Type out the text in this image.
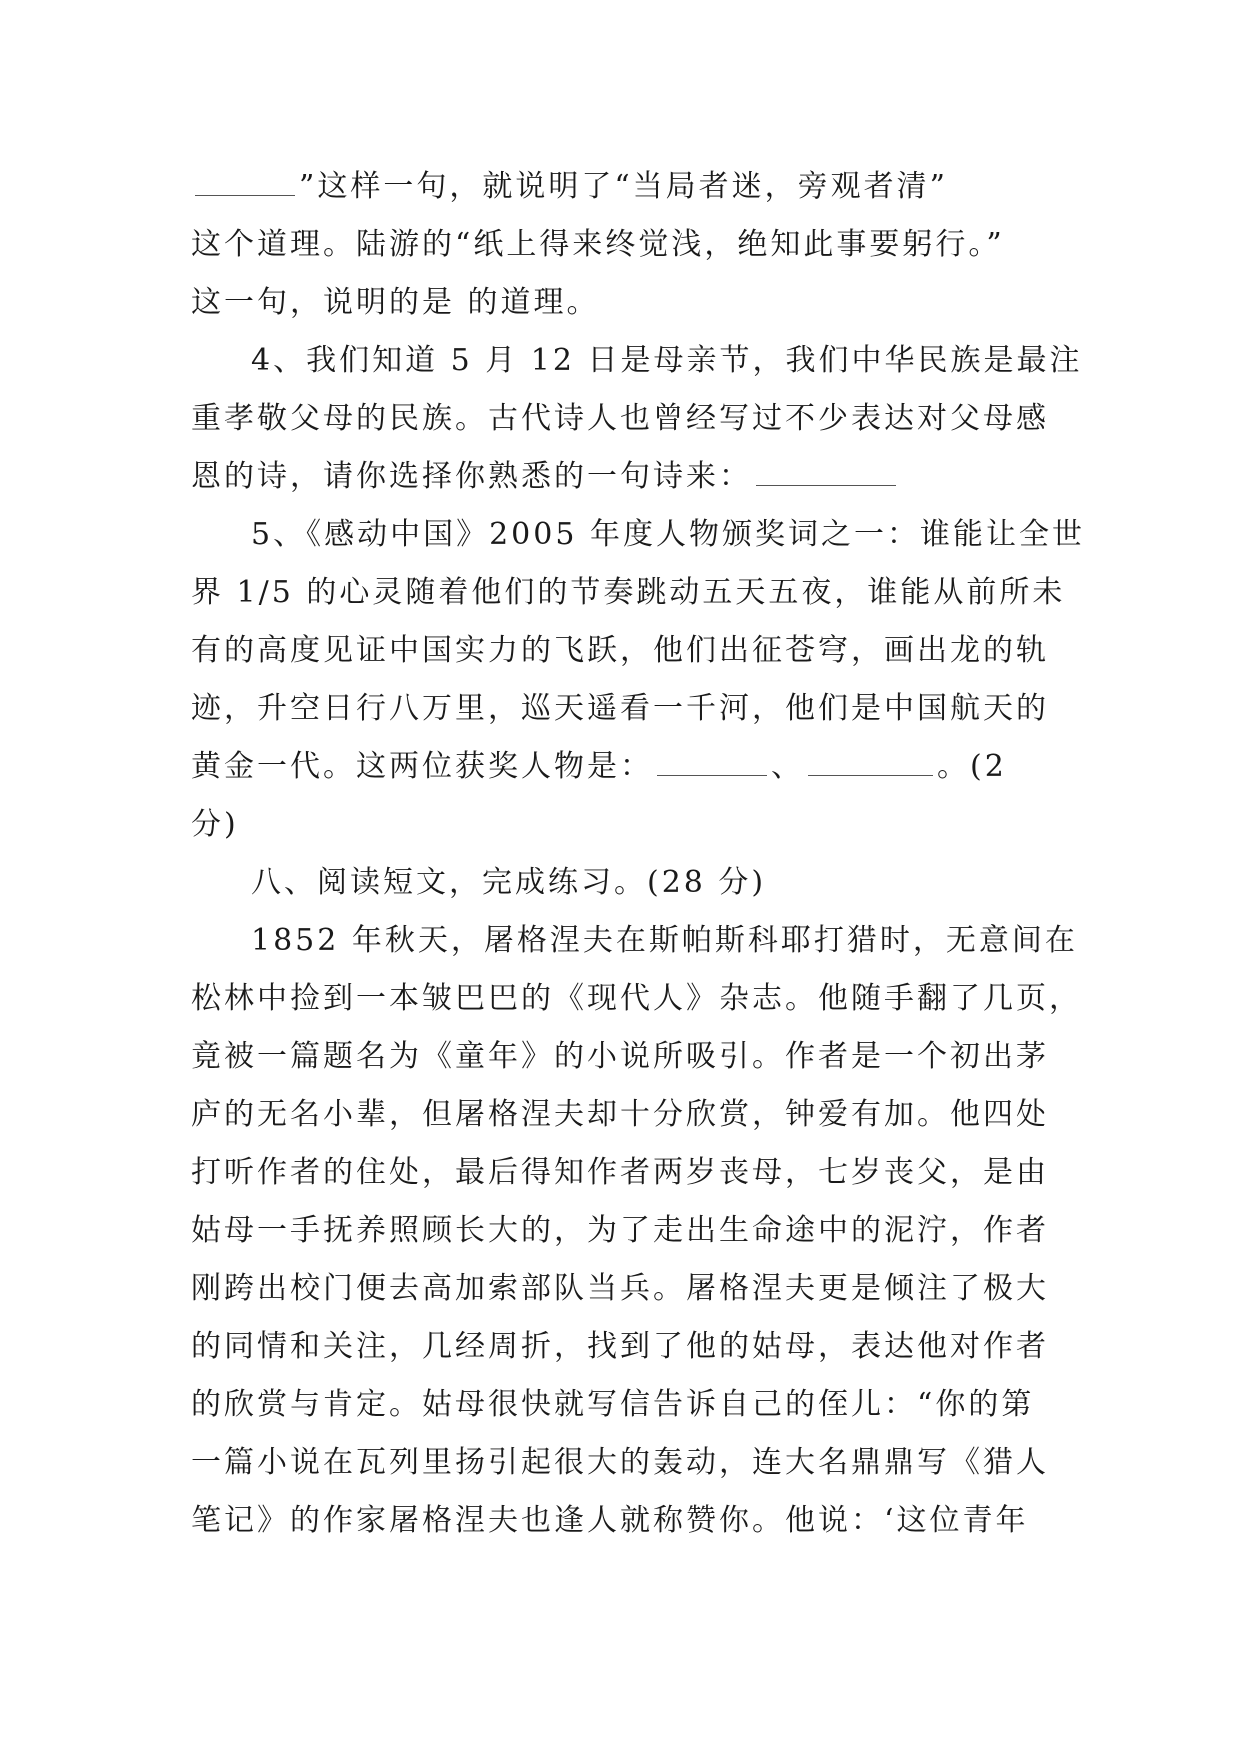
”这样一句，就说明了“当局者迷，旁观者清”
这个道理。陆游的“纸上得来终觉浅，绝知此事要躬行。”
这一句，说明的是 的道理。

4、我们知道 5 月 12 日是母亲节，我们中华民族是最注
重孝敬父母的民族。古代诗人也曾经写过不少表达对父母感
恩的诗，请你选择你熟悉的一句诗来：

5、《感动中国》2005 年度人物颁奖词之一：谁能让全世
界 1/5 的心灵随着他们的节奏跳动五天五夜，谁能从前所未
有的高度见证中国实力的飞跃，他们出征苍穹，画出龙的轨
迹，升空日行八万里，巡天遥看一千河，他们是中国航天的
黄金一代。这两位获奖人物是：	、	。(2
分)

八、阅读短文，完成练习。(28 分)

1852 年秋天，屠格涅夫在斯帕斯科耶打猎时，无意间在
松林中捡到一本皱巴巴的《现代人》杂志。他随手翻了几页，
竟被一篇题名为《童年》的小说所吸引。作者是一个初出茅
庐的无名小辈，但屠格涅夫却十分欣赏，钟爱有加。他四处
打听作者的住处，最后得知作者两岁丧母，七岁丧父，是由
姑母一手抚养照顾长大的，为了走出生命途中的泥泞，作者
刚跨出校门便去高加索部队当兵。屠格涅夫更是倾注了极大
的同情和关注，几经周折，找到了他的姑母，表达他对作者
的欣赏与肯定。姑母很快就写信告诉自己的侄儿：“你的第
一篇小说在瓦列里扬引起很大的轰动，连大名鼎鼎写《猎人
笔记》的作家屠格涅夫也逢人就称赞你。他说：‘这位青年
